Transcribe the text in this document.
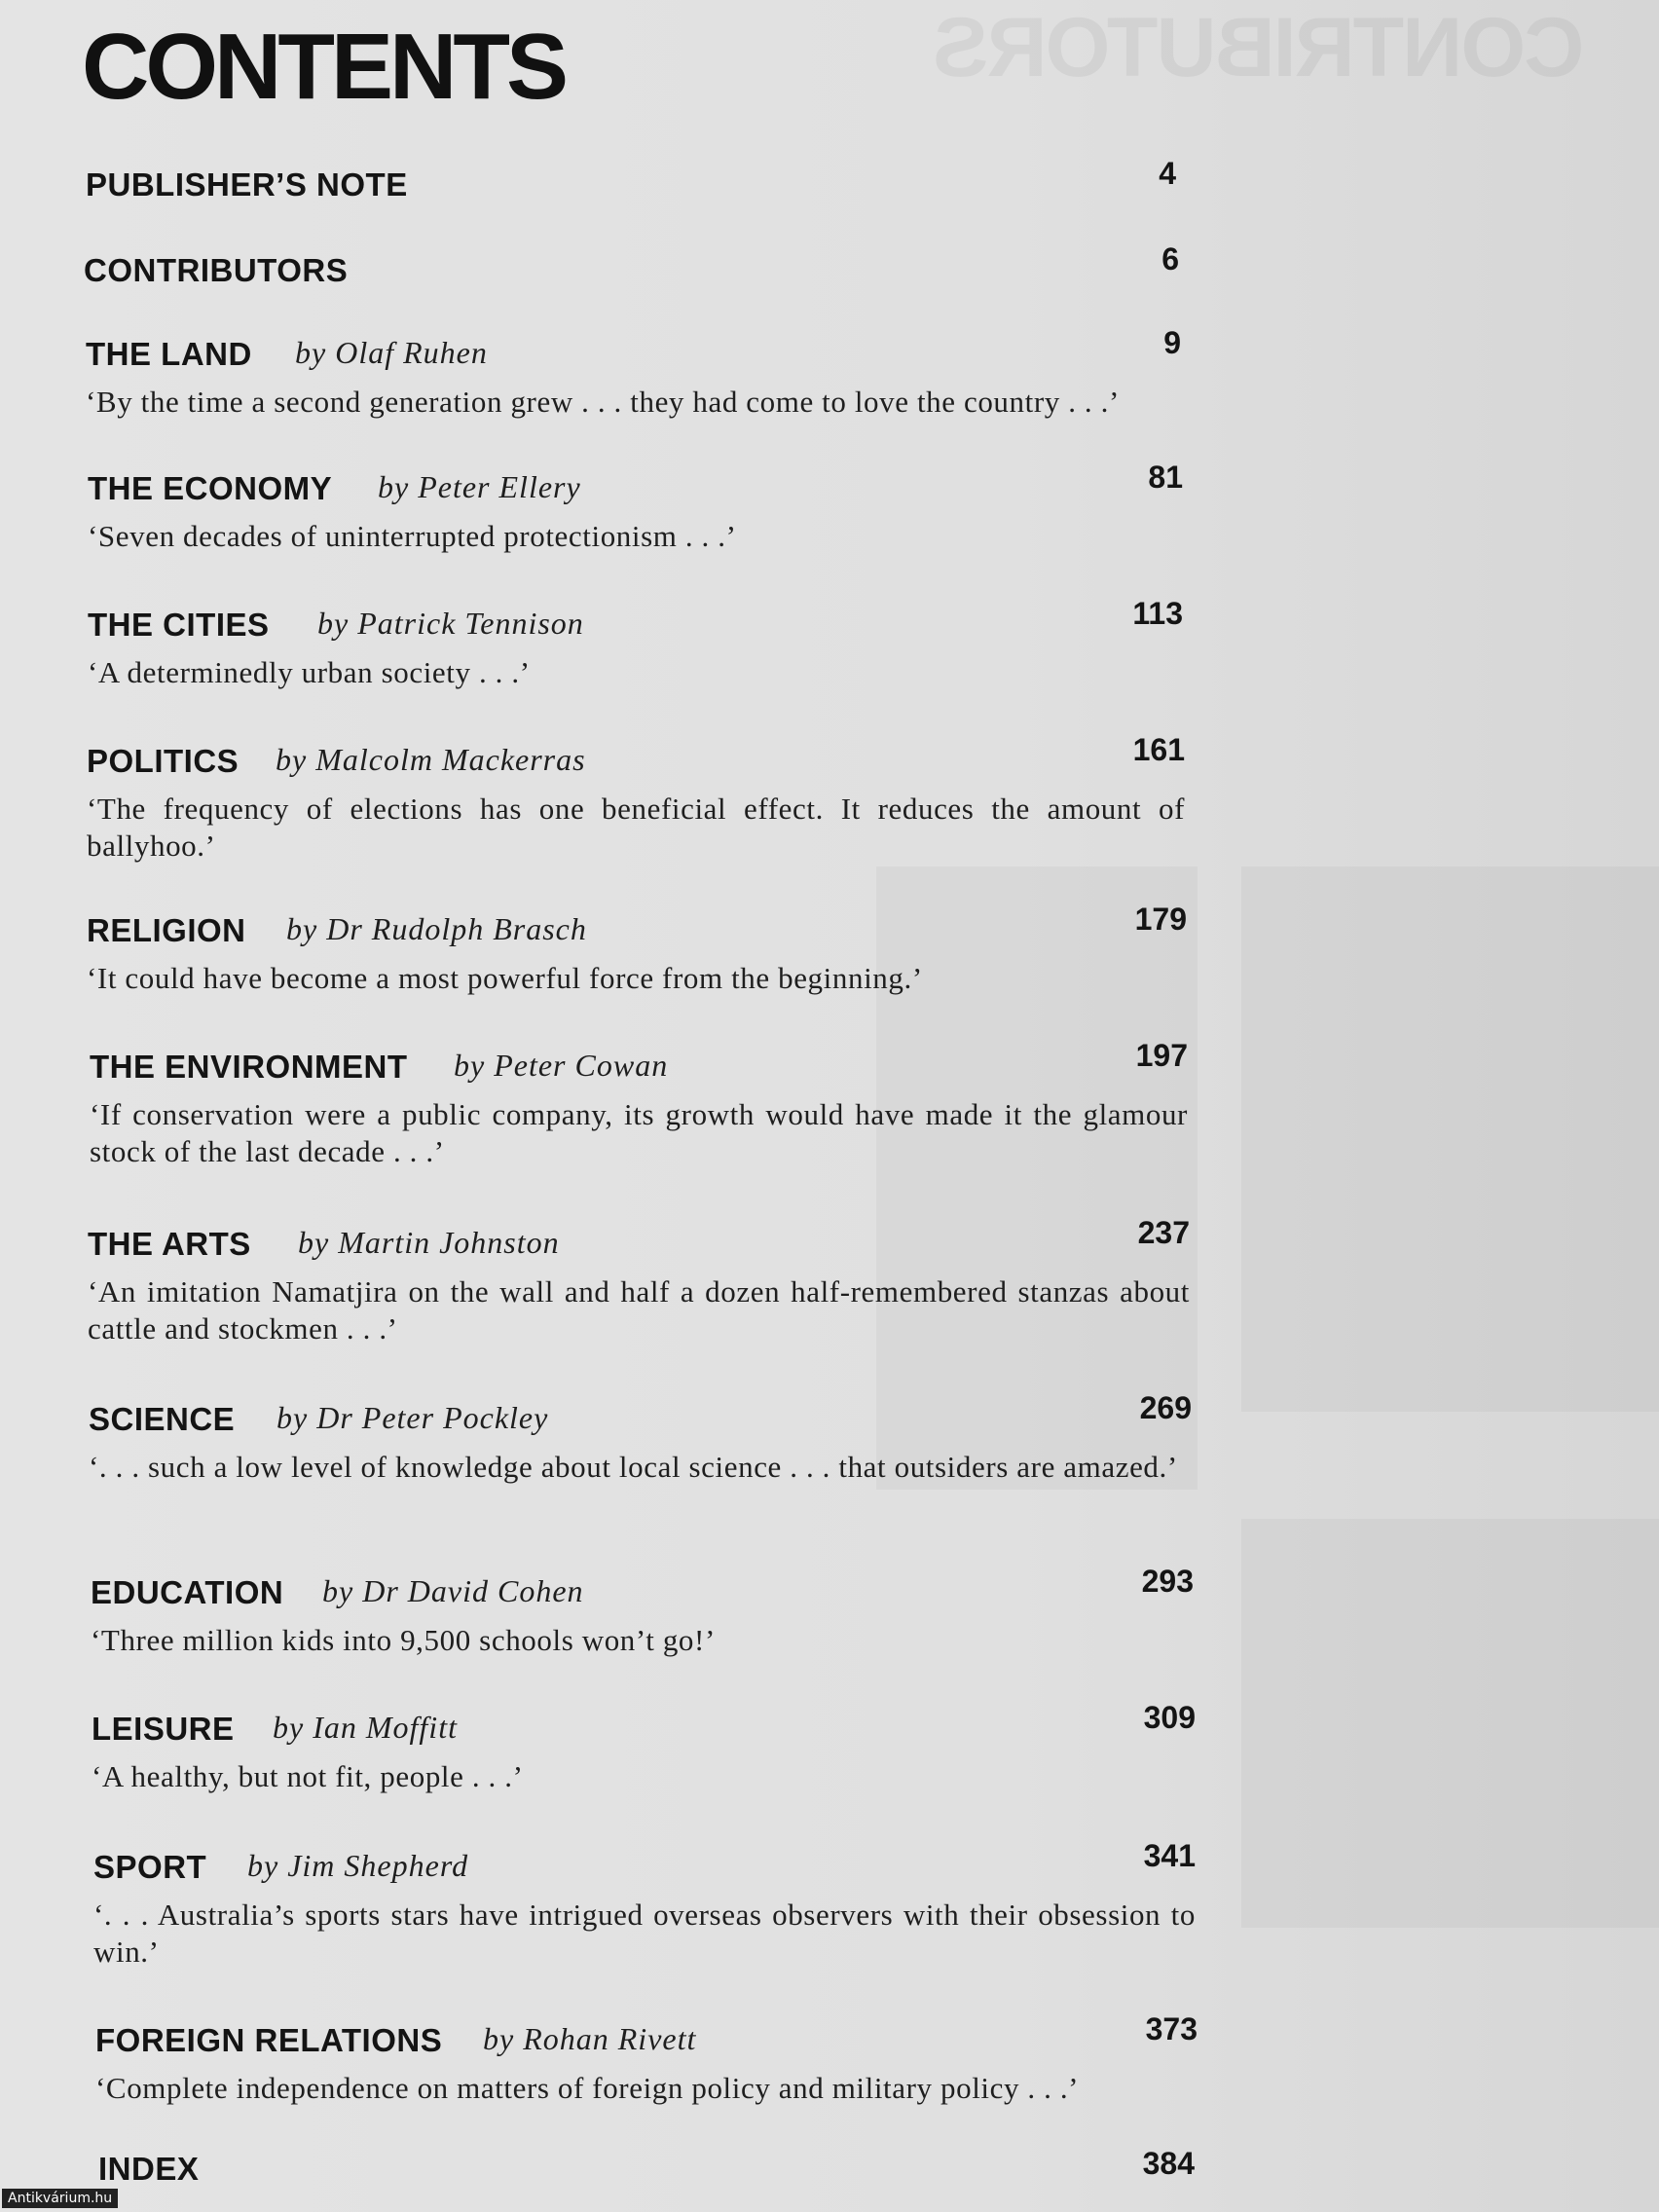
CONTRIBUTORS
CONTENTS
PUBLISHER’S NOTE	4
CONTRIBUTORS	6
THE LAND by Olaf Ruhen	9

‘By the time a second generation grew . . . they had come to love the country . . .’

THE ECONOMY by Peter Ellery	81

‘Seven decades of uninterrupted protectionism . . .’

THE CITIES by Patrick Tennison	113

‘A determinedly urban society . . .’

POLITICS by Malcolm Mackerras	161

‘The frequency of elections has one beneficial effect. It reduces the amount of ballyhoo.’

RELIGION by Dr Rudolph Brasch	179

‘It could have become a most powerful force from the beginning.’

THE ENVIRONMENT by Peter Cowan	197

‘If conservation were a public company, its growth would have made it the glamour stock of the last decade . . .’

THE ARTS by Martin Johnston	237

‘An imitation Namatjira on the wall and half a dozen half-remembered stanzas about cattle and stockmen . . .’

SCIENCE by Dr Peter Pockley	269

‘. . . such a low level of knowledge about local science . . . that outsiders are amazed.’

EDUCATION by Dr David Cohen	293

‘Three million kids into 9,500 schools won’t go!’

LEISURE by Ian Moffitt	309

‘A healthy, but not fit, people . . .’

SPORT by Jim Shepherd	341

‘. . . Australia’s sports stars have intrigued overseas observers with their obsession to win.’

FOREIGN RELATIONS by Rohan Rivett	373

‘Complete independence on matters of foreign policy and military policy . . .’

INDEX	384
Antikvárium.hu
